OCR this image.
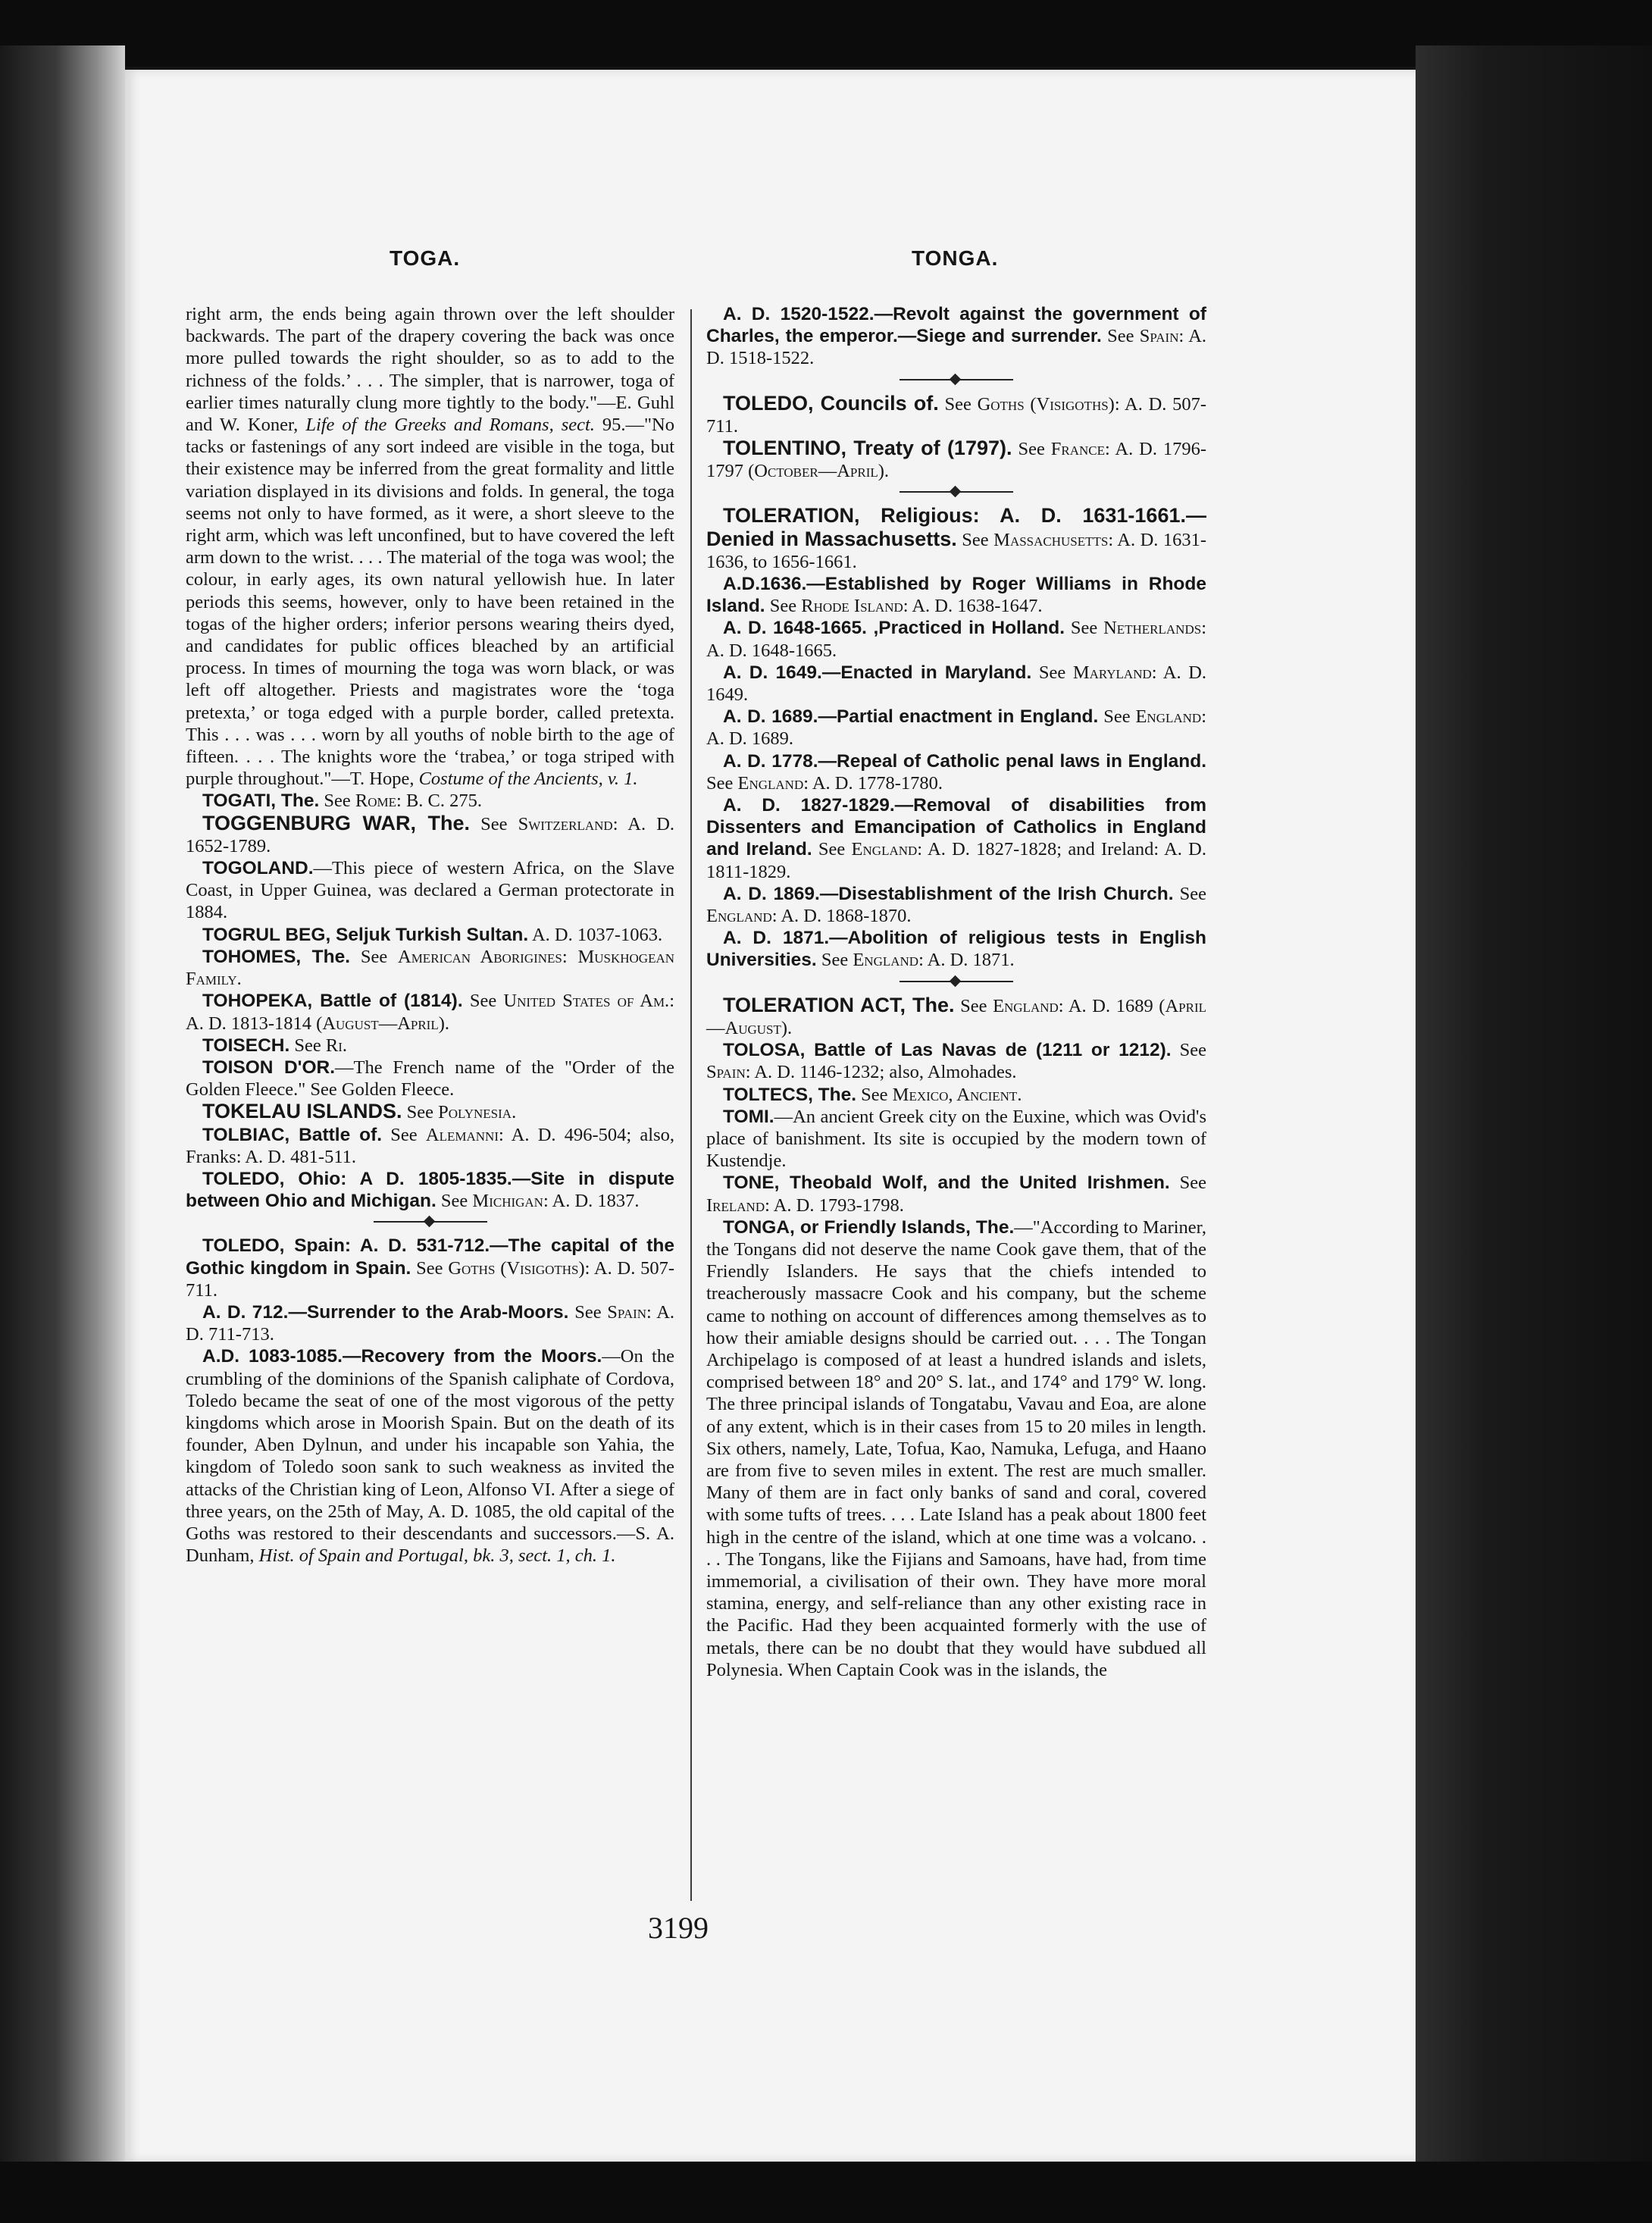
TOGA.	TONGA.

right arm, the ends being again thrown over the left shoulder backwards. The part of the drapery covering the back was once more pulled towards the right shoulder, so as to add to the richness of the folds.’ . . . The simpler, that is narrower, toga of earlier times naturally clung more tightly to the body."—E. Guhl and W. Koner, Life of the Greeks and Romans, sect. 95.—"No tacks or fastenings of any sort indeed are visible in the toga, but their existence may be inferred from the great formality and little variation displayed in its divisions and folds. In general, the toga seems not only to have formed, as it were, a short sleeve to the right arm, which was left unconfined, but to have covered the left arm down to the wrist. . . . The material of the toga was wool; the colour, in early ages, its own natural yellowish hue. In later periods this seems, however, only to have been retained in the togas of the higher orders; inferior persons wearing theirs dyed, and candidates for public offices bleached by an artificial process. In times of mourning the toga was worn black, or was left off altogether. Priests and magistrates wore the ‘toga pretexta,’ or toga edged with a purple border, called pretexta. This . . . was . . . worn by all youths of noble birth to the age of fifteen. . . . The knights wore the ‘trabea,’ or toga striped with purple throughout."—T. Hope, Costume of the Ancients, v. 1.

TOGATI, The. See Rome: B. C. 275.

TOGGENBURG WAR, The. See Switzerland: A. D. 1652-1789.

TOGOLAND.—This piece of western Africa, on the Slave Coast, in Upper Guinea, was declared a German protectorate in 1884.

TOGRUL BEG, Seljuk Turkish Sultan. A. D. 1037-1063.

TOHOMES, The. See American Aborigines: Muskhogean Family.

TOHOPEKA, Battle of (1814). See United States of Am.: A. D. 1813-1814 (August—April).

TOISECH. See Ri.

TOISON D'OR.—The French name of the "Order of the Golden Fleece." See Golden Fleece.

TOKELAU ISLANDS. See Polynesia.

TOLBIAC, Battle of. See Alemanni: A. D. 496-504; also, Franks: A. D. 481-511.

TOLEDO, Ohio: A D. 1805-1835.—Site in dispute between Ohio and Michigan. See Michigan: A. D. 1837.

TOLEDO, Spain: A. D. 531-712.—The capital of the Gothic kingdom in Spain. See Goths (Visigoths): A. D. 507-711.

A. D. 712.—Surrender to the Arab-Moors. See Spain: A. D. 711-713.

A.D. 1083-1085.—Recovery from the Moors.—On the crumbling of the dominions of the Spanish caliphate of Cordova, Toledo became the seat of one of the most vigorous of the petty kingdoms which arose in Moorish Spain. But on the death of its founder, Aben Dylnun, and under his incapable son Yahia, the kingdom of Toledo soon sank to such weakness as invited the attacks of the Christian king of Leon, Alfonso VI. After a siege of three years, on the 25th of May, A. D. 1085, the old capital of the Goths was restored to their descendants and successors.—S. A. Dunham, Hist. of Spain and Portugal, bk. 3, sect. 1, ch. 1.

A. D. 1520-1522.—Revolt against the government of Charles, the emperor.—Siege and surrender. See Spain: A. D. 1518-1522.

TOLEDO, Councils of. See Goths (Visigoths): A. D. 507-711.

TOLENTINO, Treaty of (1797). See France: A. D. 1796-1797 (October—April).

TOLERATION, Religious: A. D. 1631-1661.—Denied in Massachusetts. See Massachusetts: A. D. 1631-1636, to 1656-1661.

A.D.1636.—Established by Roger Williams in Rhode Island. See Rhode Island: A. D. 1638-1647.

A. D. 1648-1665. ,Practiced in Holland. See Netherlands: A. D. 1648-1665.

A. D. 1649.—Enacted in Maryland. See Maryland: A. D. 1649.

A. D. 1689.—Partial enactment in England. See England: A. D. 1689.

A. D. 1778.—Repeal of Catholic penal laws in England. See England: A. D. 1778-1780.

A. D. 1827-1829.—Removal of disabilities from Dissenters and Emancipation of Catholics in England and Ireland. See England: A. D. 1827-1828; and Ireland: A. D. 1811-1829.

A. D. 1869.—Disestablishment of the Irish Church. See England: A. D. 1868-1870.

A. D. 1871.—Abolition of religious tests in English Universities. See England: A. D. 1871.

TOLERATION ACT, The. See England: A. D. 1689 (April—August).

TOLOSA, Battle of Las Navas de (1211 or 1212). See Spain: A. D. 1146-1232; also, Almohades.

TOLTECS, The. See Mexico, Ancient.

TOMI.—An ancient Greek city on the Euxine, which was Ovid's place of banishment. Its site is occupied by the modern town of Kustendje.

TONE, Theobald Wolf, and the United Irishmen. See Ireland: A. D. 1793-1798.

TONGA, or Friendly Islands, The.—"According to Mariner, the Tongans did not deserve the name Cook gave them, that of the Friendly Islanders. He says that the chiefs intended to treacherously massacre Cook and his company, but the scheme came to nothing on account of differences among themselves as to how their amiable designs should be carried out. . . . The Tongan Archipelago is composed of at least a hundred islands and islets, comprised between 18° and 20° S. lat., and 174° and 179° W. long. The three principal islands of Tongatabu, Vavau and Eoa, are alone of any extent, which is in their cases from 15 to 20 miles in length. Six others, namely, Late, Tofua, Kao, Namuka, Lefuga, and Haano are from five to seven miles in extent. The rest are much smaller. Many of them are in fact only banks of sand and coral, covered with some tufts of trees. . . . Late Island has a peak about 1800 feet high in the centre of the island, which at one time was a volcano. . . . The Tongans, like the Fijians and Samoans, have had, from time immemorial, a civilisation of their own. They have more moral stamina, energy, and self-reliance than any other existing race in the Pacific. Had they been acquainted formerly with the use of metals, there can be no doubt that they would have subdued all Polynesia. When Captain Cook was in the islands, the

3199
